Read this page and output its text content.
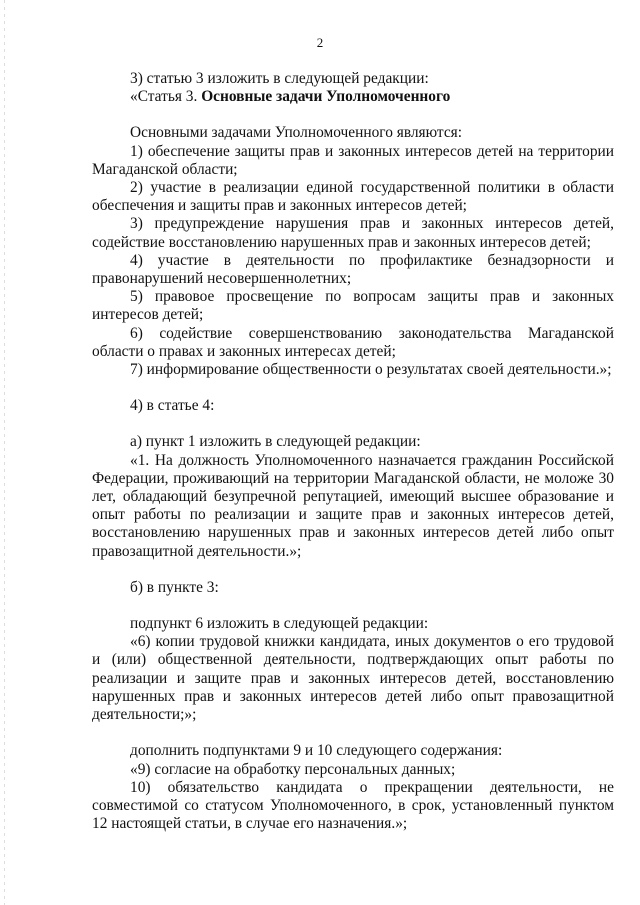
2

3) статью 3 изложить в следующей редакции:

«Статья 3. Основные задачи Уполномоченного

Основными задачами Уполномоченного являются:

1) обеспечение защиты прав и законных интересов детей на территории Магаданской области;

2) участие в реализации единой государственной политики в области обеспечения и защиты прав и законных интересов детей;

3) предупреждение нарушения прав и законных интересов детей, содействие восстановлению нарушенных прав и законных интересов детей;

4) участие в деятельности по профилактике безнадзорности и правонарушений несовершеннолетних;

5) правовое просвещение по вопросам защиты прав и законных интересов детей;

6) содействие совершенствованию законодательства Магаданской области о правах и законных интересах детей;

7) информирование общественности о результатах своей деятельности.»;

4) в статье 4:

а) пункт 1 изложить в следующей редакции:

«1. На должность Уполномоченного назначается гражданин Российской Федерации, проживающий на территории Магаданской области, не моложе 30 лет, обладающий безупречной репутацией, имеющий высшее образование и опыт работы по реализации и защите прав и законных интересов детей, восстановлению нарушенных прав и законных интересов детей либо опыт правозащитной деятельности.»;

б) в пункте 3:

подпункт 6 изложить в следующей редакции:

«6) копии трудовой книжки кандидата, иных документов о его трудовой и (или) общественной деятельности, подтверждающих опыт работы по реализации и защите прав и законных интересов детей, восстановлению нарушенных прав и законных интересов детей либо опыт правозащитной деятельности;»;

дополнить подпунктами 9 и 10 следующего содержания:

«9) согласие на обработку персональных данных;

10) обязательство кандидата о прекращении деятельности, не совместимой со статусом Уполномоченного, в срок, установленный пунктом 12 настоящей статьи, в случае его назначения.»;
